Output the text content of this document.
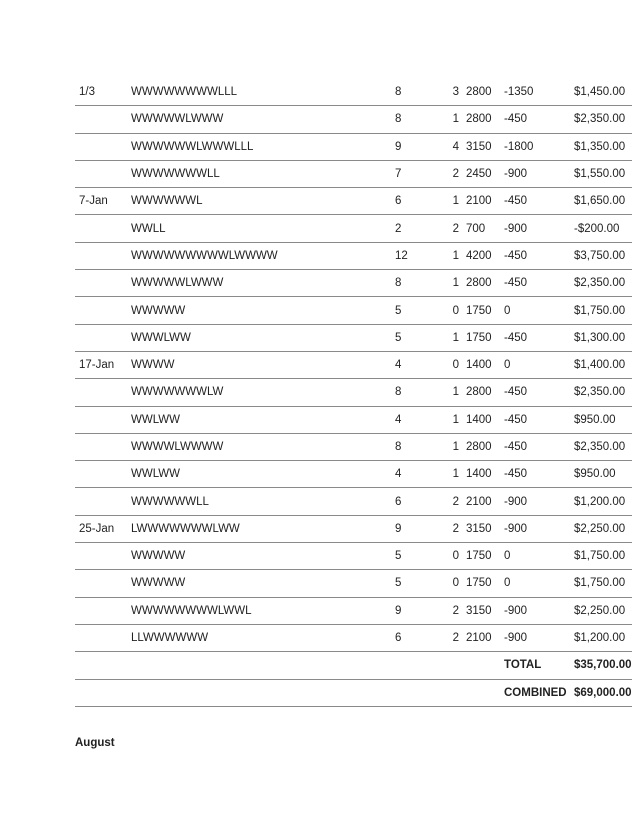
1/3	WWWWWWWWLLL	8	3	2800	-1350	$1,450.00
	WWWWWLWWW	8	1	2800	-450	$2,350.00
	WWWWWWLWWWLLL	9	4	3150	-1800	$1,350.00
	WWWWWWWLL	7	2	2450	-900	$1,550.00
7-Jan	WWWWWWL	6	1	2100	-450	$1,650.00
	WWLL	2	2	700	-900	-$200.00
	WWWWWWWWWLWWWW	12	1	4200	-450	$3,750.00
	WWWWWLWWW	8	1	2800	-450	$2,350.00
	WWWWW	5	0	1750	0	$1,750.00
	WWWLWW	5	1	1750	-450	$1,300.00
17-Jan	WWWW	4	0	1400	0	$1,400.00
	WWWWWWWLW	8	1	2800	-450	$2,350.00
	WWLWW	4	1	1400	-450	$950.00
	WWWWLWWWW	8	1	2800	-450	$2,350.00
	WWLWW	4	1	1400	-450	$950.00
	WWWWWWLL	6	2	2100	-900	$1,200.00
25-Jan	LWWWWWWWLWW	9	2	3150	-900	$2,250.00
	WWWWW	5	0	1750	0	$1,750.00
	WWWWW	5	0	1750	0	$1,750.00
	WWWWWWWWLWWL	9	2	3150	-900	$2,250.00
	LLWWWWWW	6	2	2100	-900	$1,200.00
					TOTAL	$35,700.00
					COMBINED	$69,000.00
August
